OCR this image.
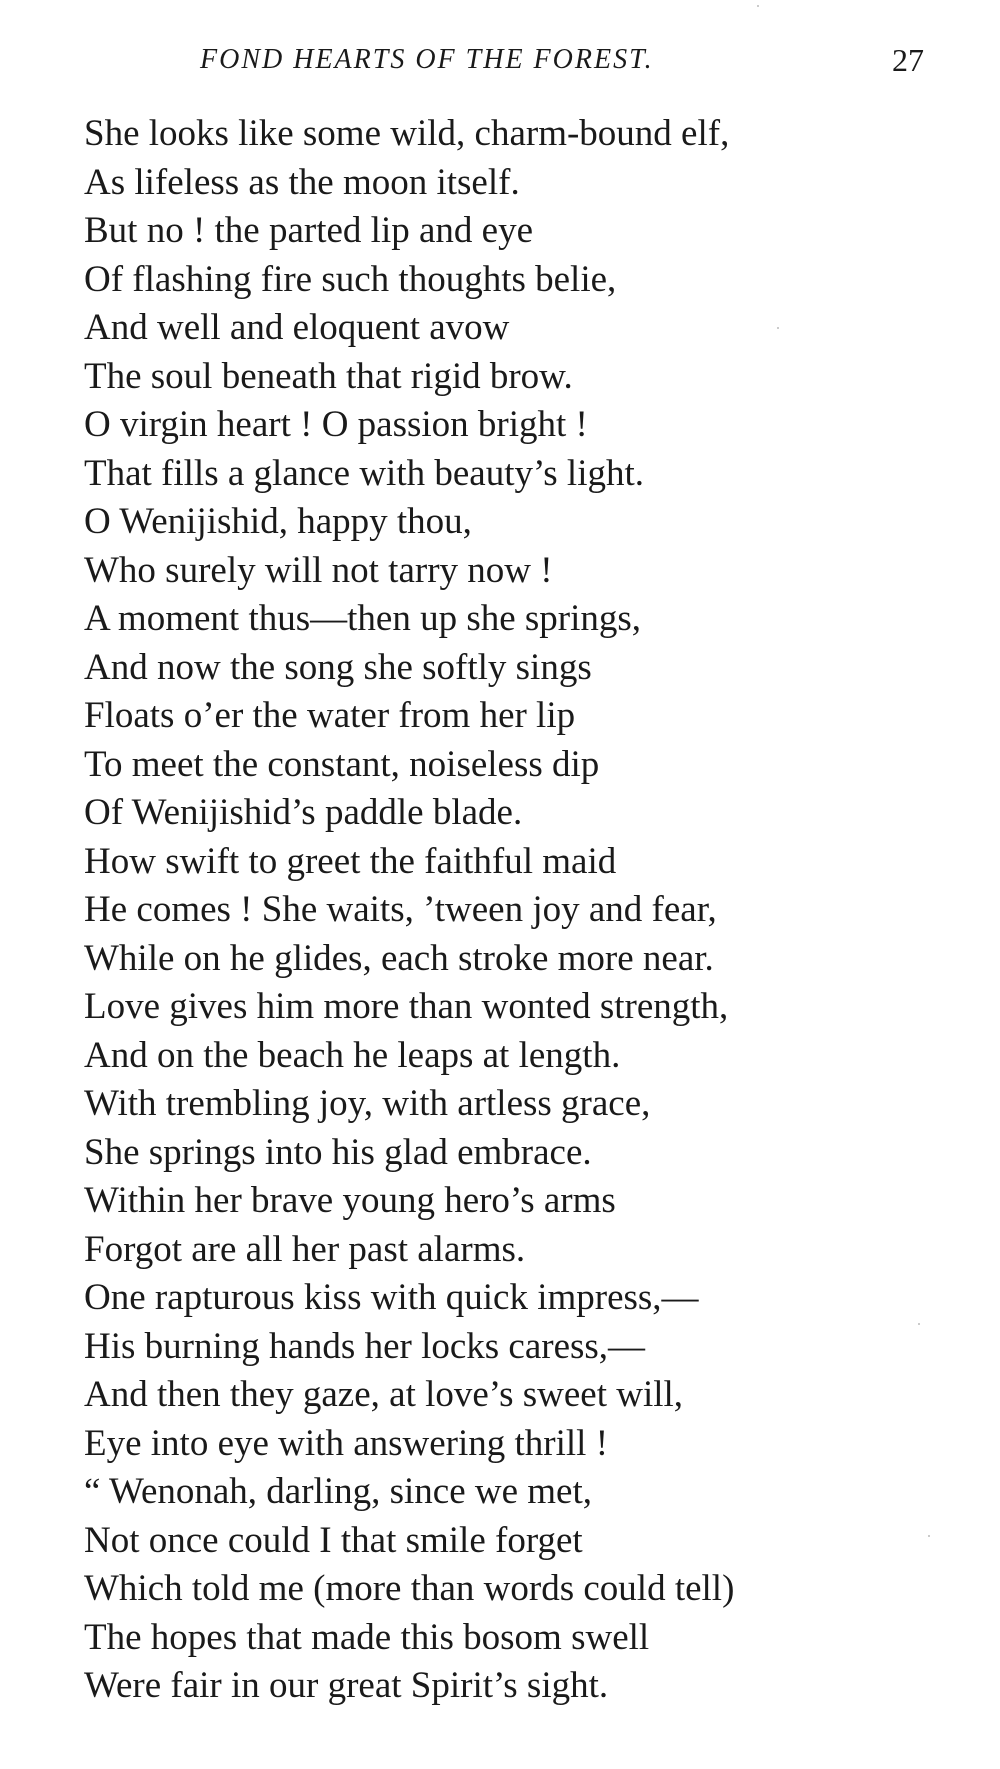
FOND HEARTS OF THE FOREST.	27
She looks like some wild, charm-bound elf,
As lifeless as the moon itself.
But no ! the parted lip and eye
Of flashing fire such thoughts belie,
And well and eloquent avow
The soul beneath that rigid brow.
O virgin heart ! O passion bright !
That fills a glance with beauty’s light.
O Wenijishid, happy thou,
Who surely will not tarry now !
A moment thus—then up she springs,
And now the song she softly sings
Floats o’er the water from her lip
To meet the constant, noiseless dip
Of Wenijishid’s paddle blade.
How swift to greet the faithful maid
He comes ! She waits, ’tween joy and fear,
While on he glides, each stroke more near.
Love gives him more than wonted strength,
And on the beach he leaps at length.
With trembling joy, with artless grace,
She springs into his glad embrace.
Within her brave young hero’s arms
Forgot are all her past alarms.
One rapturous kiss with quick impress,—
His burning hands her locks caress,—
And then they gaze, at love’s sweet will,
Eye into eye with answering thrill !
“ Wenonah, darling, since we met,
Not once could I that smile forget
Which told me (more than words could tell)
The hopes that made this bosom swell
Were fair in our great Spirit’s sight.
